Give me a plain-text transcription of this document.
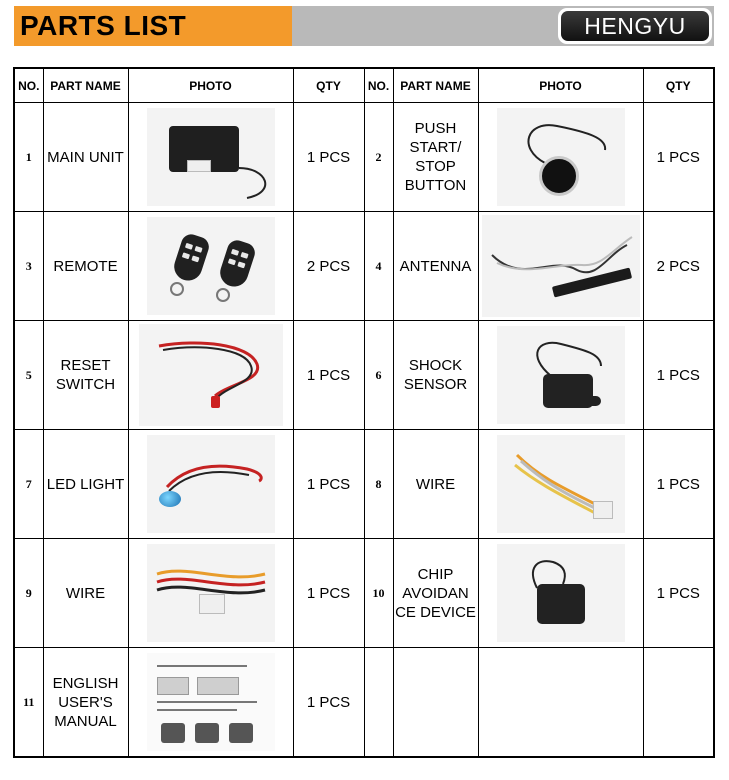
PARTS LIST	HENGYU
NO.	PART NAME	PHOTO	QTY	NO.	PART NAME	PHOTO	QTY
1	MAIN UNIT		1 PCS	2	PUSH START/ STOP BUTTON		1 PCS
3	REMOTE		2 PCS	4	ANTENNA		2 PCS
5	RESET SWITCH		1 PCS	6	SHOCK SENSOR		1 PCS
7	LED LIGHT		1 PCS	8	WIRE		1 PCS
9	WIRE		1 PCS	10	CHIP AVOIDAN CE DEVICE		1 PCS
11	ENGLISH USER'S MANUAL		1 PCS				
